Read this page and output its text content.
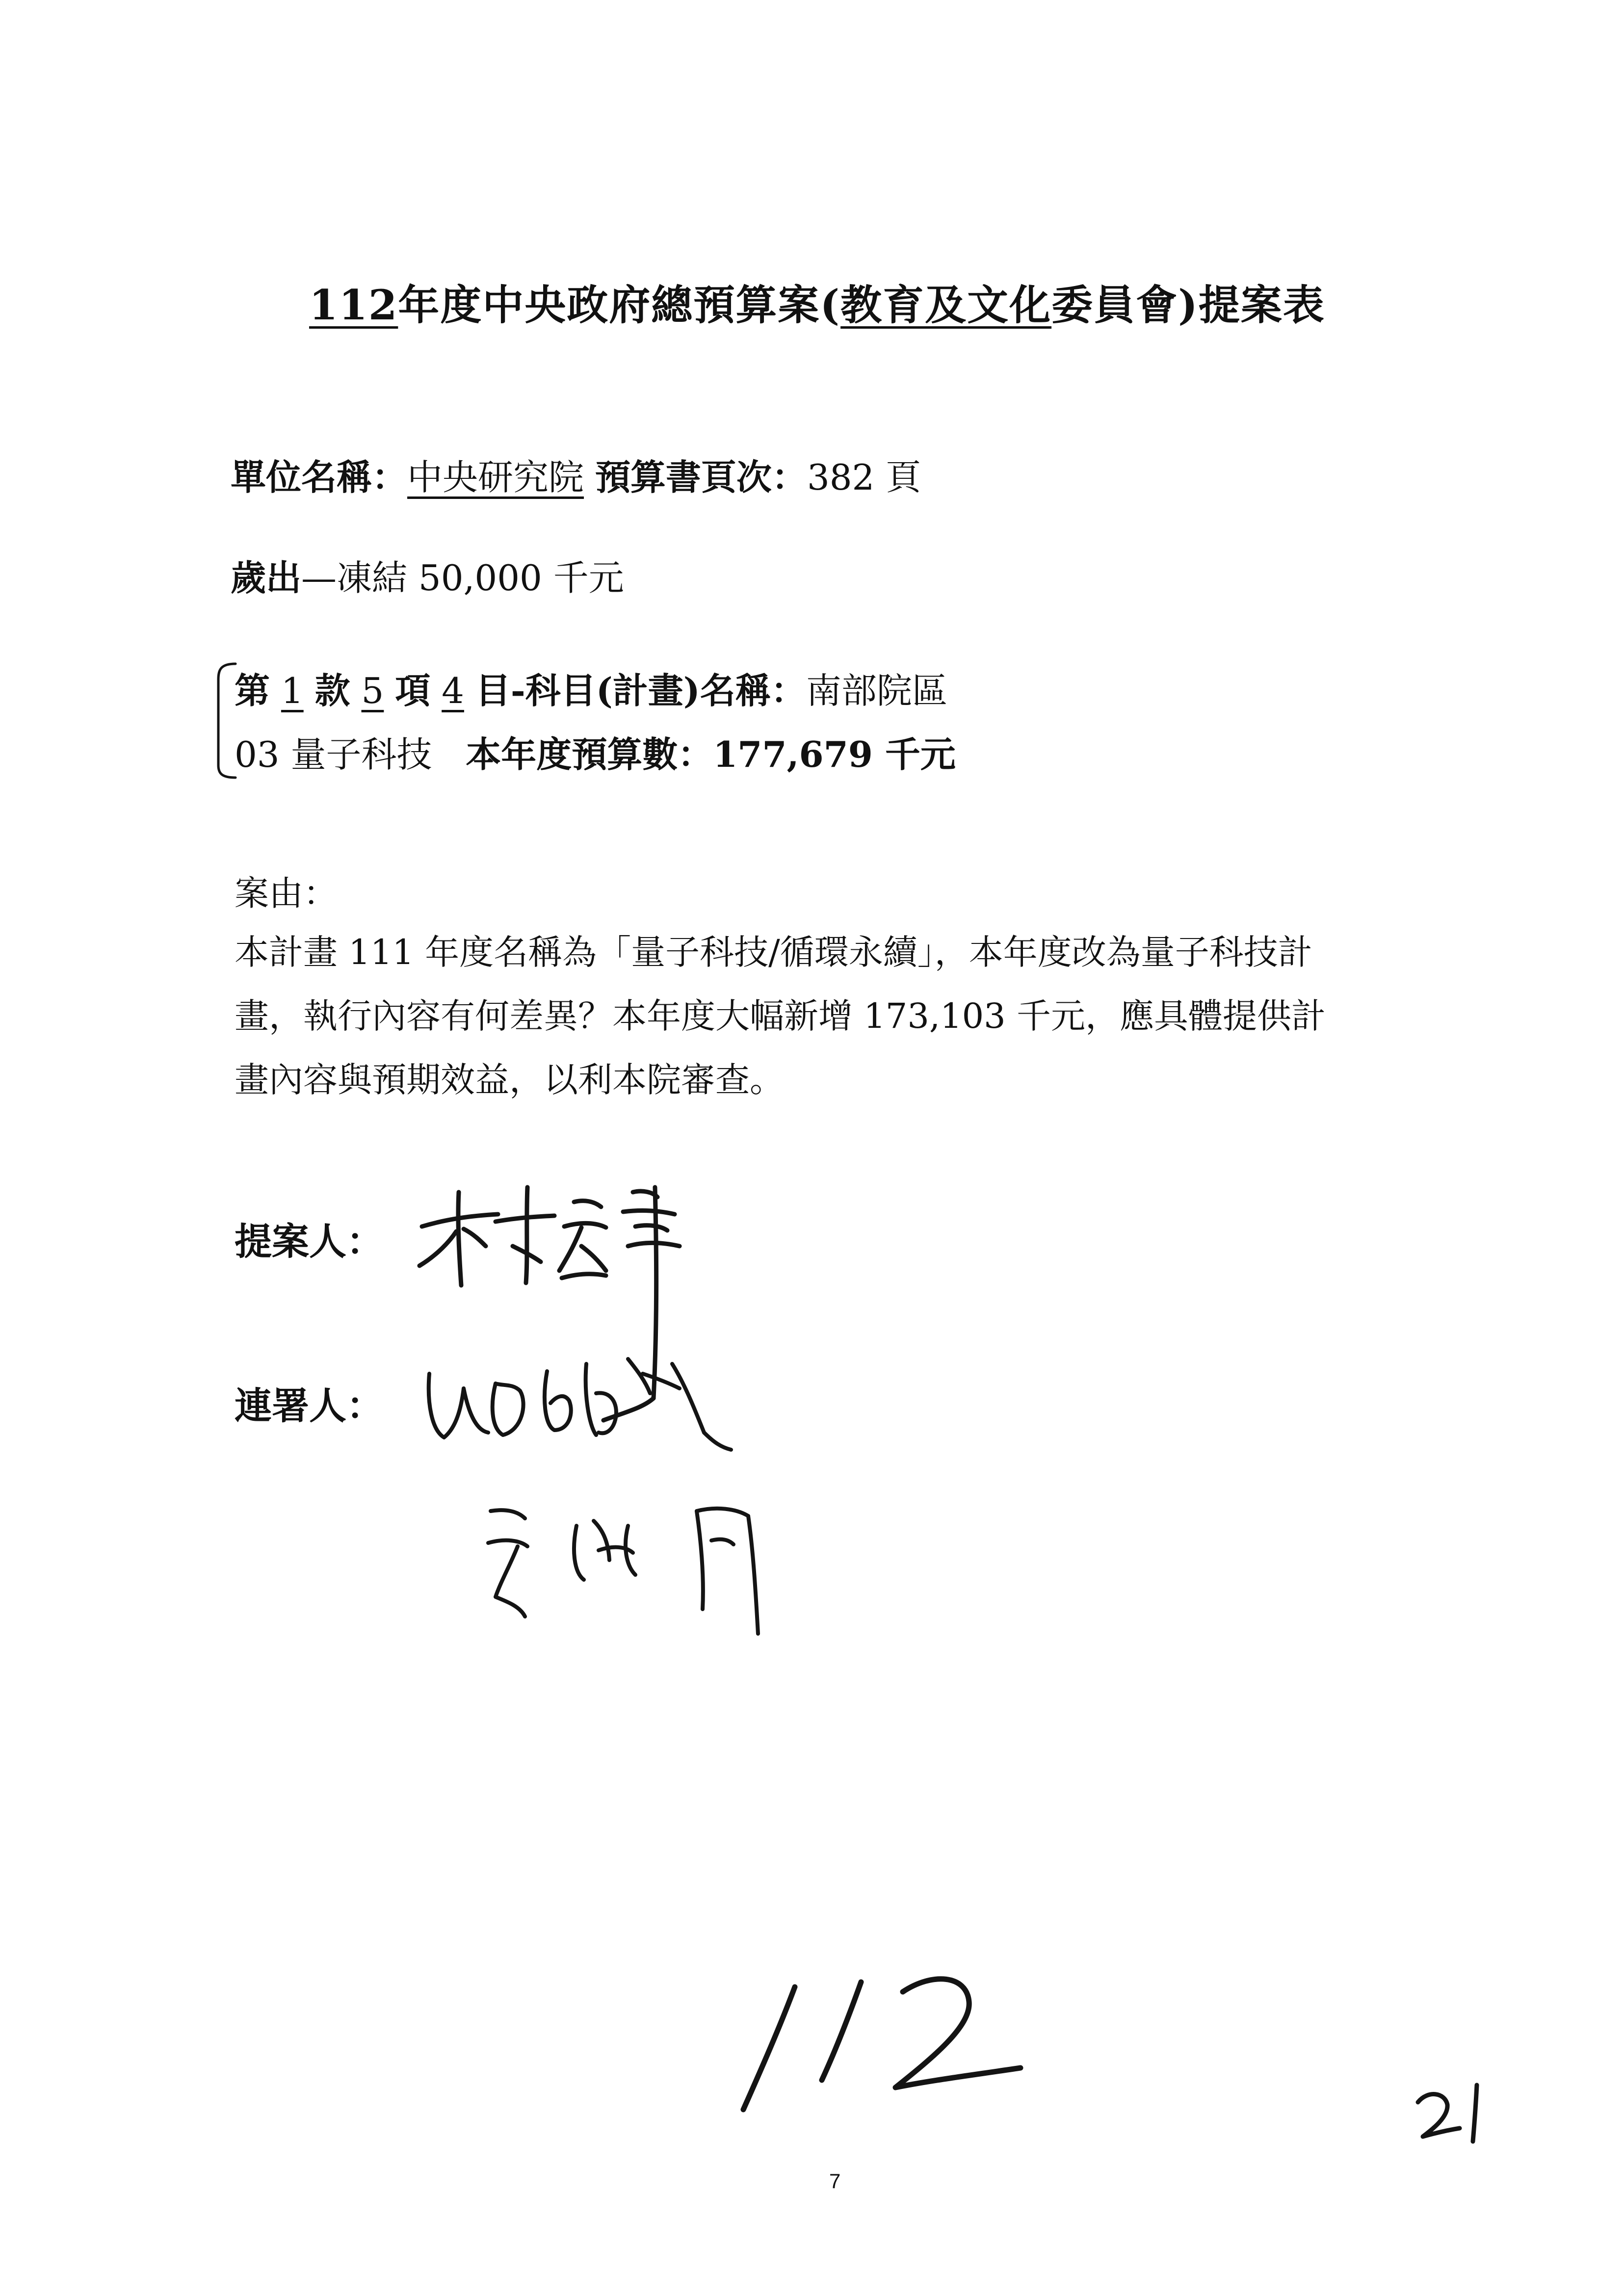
112年度中央政府總預算案(教育及文化委員會)提案表
單位名稱：中央研究院 預算書頁次：382 頁
歲出—凍結 50,000 千元
第 1 款 5 項 4 目-科目(計畫)名稱：南部院區
03 量子科技 本年度預算數：177,679 千元
案由：
本計畫 111 年度名稱為「量子科技/循環永續」，本年度改為量子科技計
畫，執行內容有何差異？本年度大幅新增 173,103 千元，應具體提供計
畫內容與預期效益，以利本院審查。
提案人：
連署人：
7
